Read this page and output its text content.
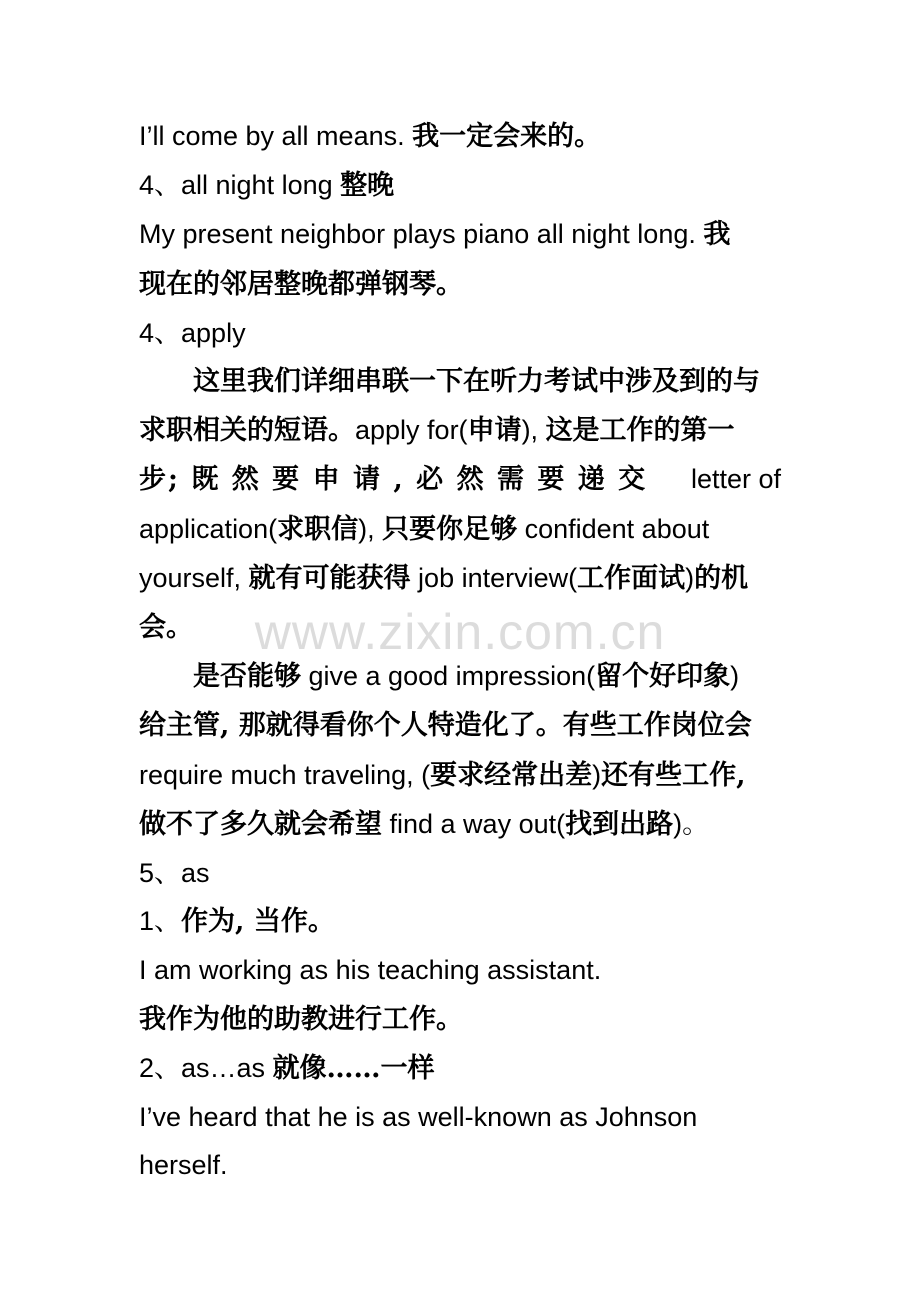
www.zixin.com.cn
I’ll come by all means. 我一定会来的。
4、all night long 整晚
My present neighbor plays piano all night long. 我
现在的邻居整晚都弹钢琴。
4、apply
这里我们详细串联一下在听力考试中涉及到的与
求职相关的短语。apply for(申请), 这是工作的第一
步; 既 然 要 申 请 , 必 然 需 要 递 交 letter of
application(求职信), 只要你足够 confident about
yourself, 就有可能获得 job interview(工作面试)的机
会。
是否能够 give a good impression(留个好印象)
给主管, 那就得看你个人特造化了。有些工作岗位会
require much traveling, (要求经常出差)还有些工作,
做不了多久就会希望 find a way out(找到出路)。
5、as
1、作为, 当作。
I am working as his teaching assistant.
我作为他的助教进行工作。
2、as…as 就像……一样
I’ve heard that he is as well-known as Johnson
herself.
